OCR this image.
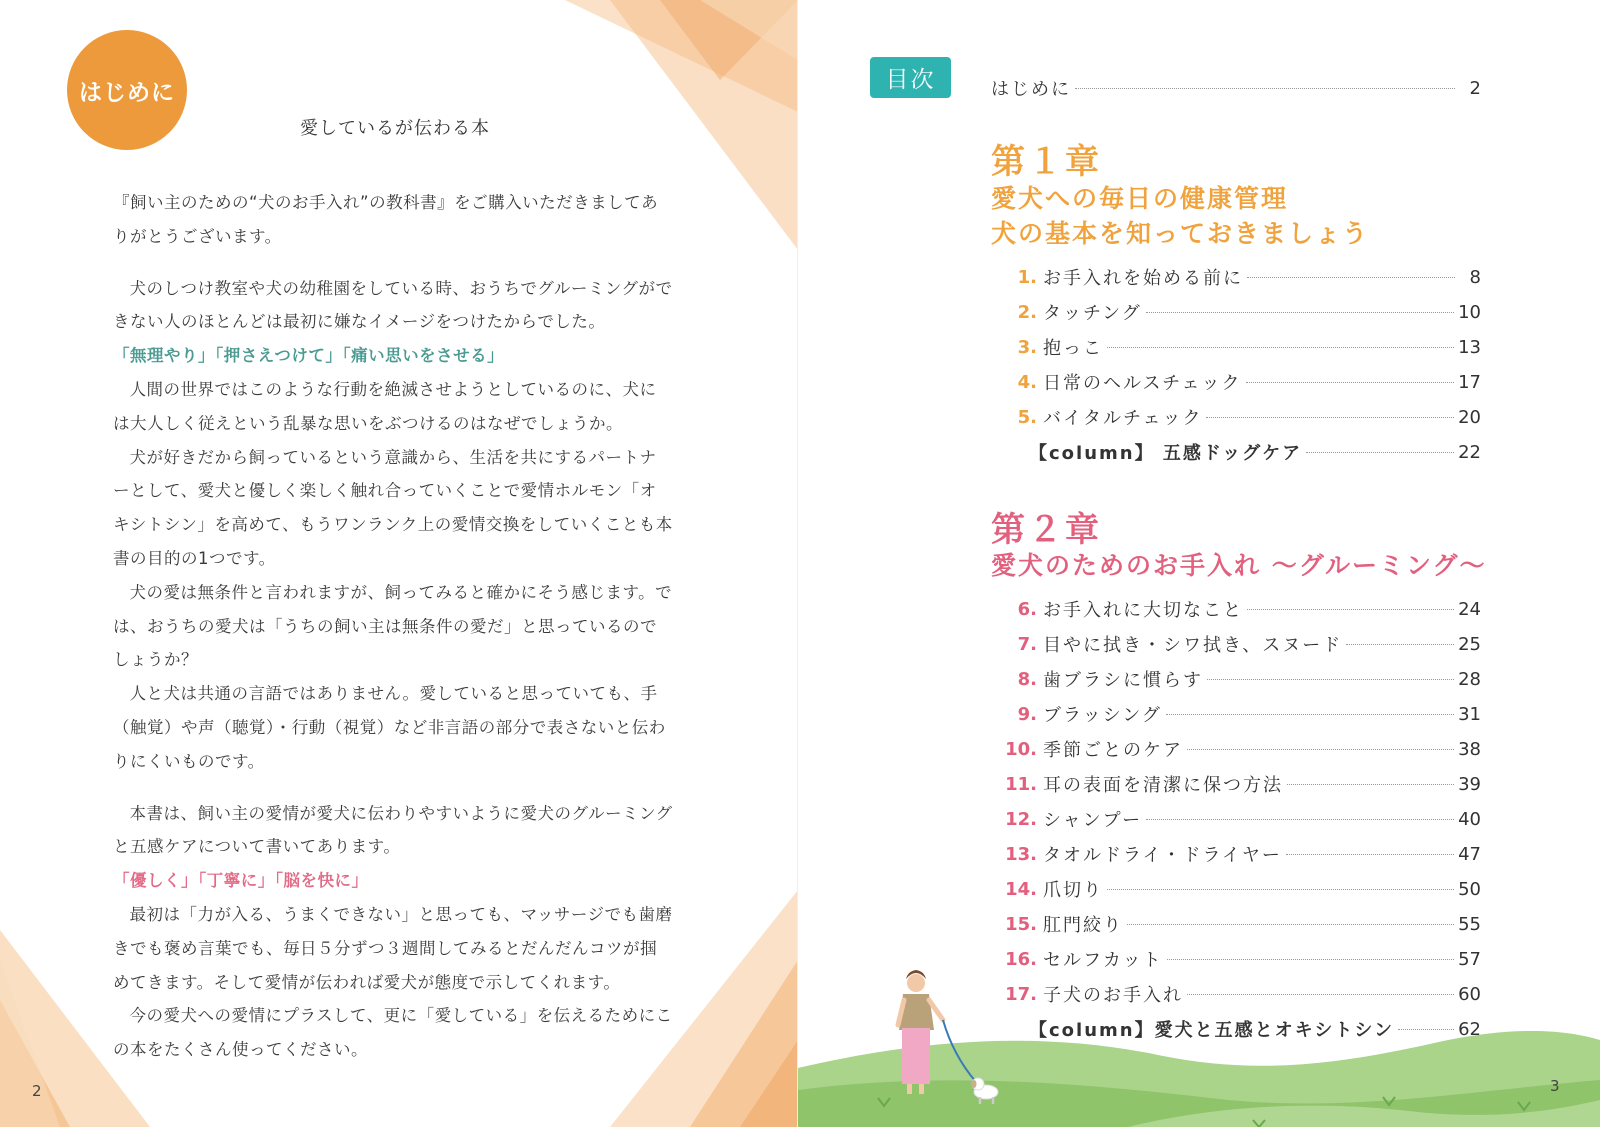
はじめに
愛しているが伝わる本

『飼い主のための“犬のお手入れ”の教科書』をご購入いただきましてありがとうございます。

犬のしつけ教室や犬の幼稚園をしている時、おうちでグルーミングができない人のほとんどは最初に嫌なイメージをつけたからでした。

「無理やり」「押さえつけて」「痛い思いをさせる」

人間の世界ではこのような行動を絶滅させようとしているのに、犬には大人しく従えという乱暴な思いをぶつけるのはなぜでしょうか。

犬が好きだから飼っているという意識から、生活を共にするパートナーとして、愛犬と優しく楽しく触れ合っていくことで愛情ホルモン「オキシトシン」を高めて、もうワンランク上の愛情交換をしていくことも本書の目的の1つです。

犬の愛は無条件と言われますが、飼ってみると確かにそう感じます。では、おうちの愛犬は「うちの飼い主は無条件の愛だ」と思っているのでしょうか？

人と犬は共通の言語ではありません。愛していると思っていても、手（触覚）や声（聴覚）・行動（視覚）など非言語の部分で表さないと伝わりにくいものです。

本書は、飼い主の愛情が愛犬に伝わりやすいように愛犬のグルーミングと五感ケアについて書いてあります。

「優しく」「丁寧に」「脳を快に」

最初は「力が入る、うまくできない」と思っても、マッサージでも歯磨きでも褒め言葉でも、毎日５分ずつ３週間してみるとだんだんコツが掴めてきます。そして愛情が伝われば愛犬が態度で示してくれます。

今の愛犬への愛情にプラスして、更に「愛している」を伝えるためにこの本をたくさん使ってください。

2
目次	はじめに	2
第１章
愛犬への毎日の健康管理
犬の基本を知っておきましょう
1. お手入れを始める前に	8
2. タッチング	10
3. 抱っこ	13
4. 日常のヘルスチェック	17
5. バイタルチェック	20
【column】 五感ドッグケア	22
第２章
愛犬のためのお手入れ 〜グルーミング〜
6. お手入れに大切なこと	24
7. 目やに拭き・シワ拭き、スヌード	25
8. 歯ブラシに慣らす	28
9. ブラッシング	31
10. 季節ごとのケア	38
11. 耳の表面を清潔に保つ方法	39
12. シャンプー	40
13. タオルドライ・ドライヤー	47
14. 爪切り	50
15. 肛門絞り	55
16. セルフカット	57
17. 子犬のお手入れ	60
【column】愛犬と五感とオキシトシン	62
3
